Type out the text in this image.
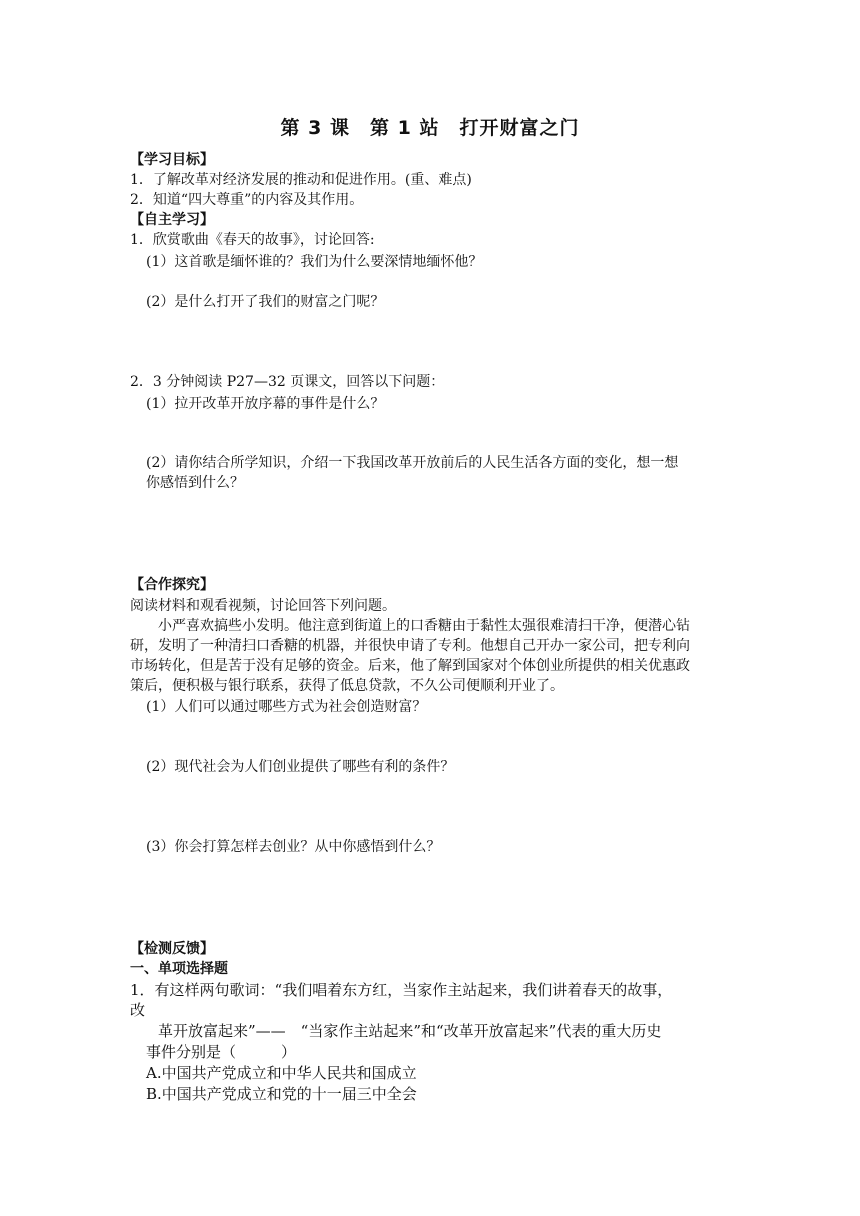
第 3 课　第 1 站　打开财富之门
【学习目标】
1．了解改革对经济发展的推动和促进作用。(重、难点)
2．知道“四大尊重”的内容及其作用。
【自主学习】
1．欣赏歌曲《春天的故事》，讨论回答:
(1）这首歌是缅怀谁的？我们为什么要深情地缅怀他？
(2）是什么打开了我们的财富之门呢？
2．3 分钟阅读 P27—32 页课文，回答以下问题：
(1）拉开改革开放序幕的事件是什么？
(2）请你结合所学知识，介绍一下我国改革开放前后的人民生活各方面的变化，想一想
你感悟到什么？
【合作探究】
阅读材料和观看视频，讨论回答下列问题。
小严喜欢搞些小发明。他注意到街道上的口香糖由于黏性太强很难清扫干净，便潜心钻
研，发明了一种清扫口香糖的机器，并很快申请了专利。他想自己开办一家公司，把专利向
市场转化，但是苦于没有足够的资金。后来，他了解到国家对个体创业所提供的相关优惠政
策后，便积极与银行联系，获得了低息贷款，不久公司便顺利开业了。
(1）人们可以通过哪些方式为社会创造财富？
(2）现代社会为人们创业提供了哪些有利的条件？
(3）你会打算怎样去创业？从中你感悟到什么？
【检测反馈】
一、单项选择题
1．有这样两句歌词：“我们唱着东方红，当家作主站起来，我们讲着春天的故事，
改
革开放富起来”——　“当家作主站起来”和“改革开放富起来”代表的重大历史
事件分别是（　　　）
A.中国共产党成立和中华人民共和国成立
B.中国共产党成立和党的十一届三中全会
